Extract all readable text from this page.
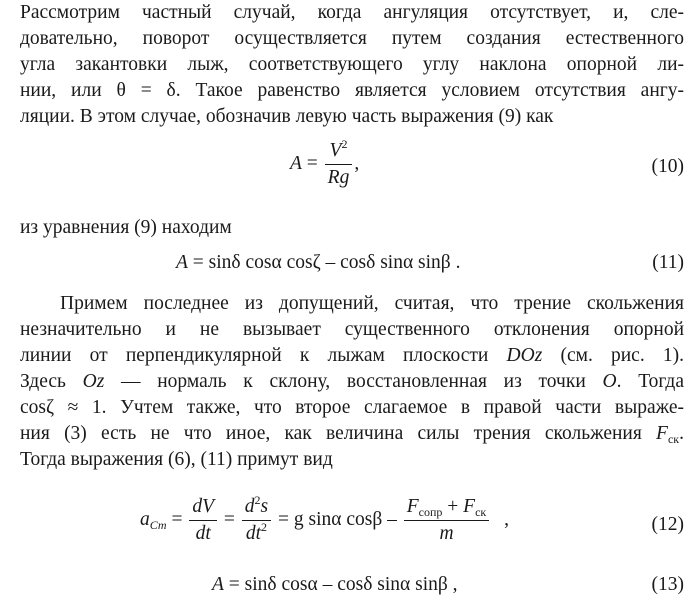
Рассмотрим частный случай, когда ангуляция отсутствует, и, сле-
довательно, поворот осуществляется путем создания естественного
угла закантовки лыж, соответствующего углу наклона опорной ли-
нии, или θ = δ. Такое равенство является условием отсутствия ангу-
ляции. В этом случае, обозначив левую часть выражения (9) как
$A = \frac{V^2}{Rg}$ ,	(10)
из уравнения (9) находим
A = sinδ cosα cosζ – cosδ sinα sinβ .	(11)
Примем последнее из допущений, считая, что трение скольжения
незначительно и не вызывает существенного отклонения опорной
линии от перпендикулярной к лыжам плоскости DOz (см. рис. 1).
Здесь Oz — нормаль к склону, восстановленная из точки O. Тогда
cosζ ≈ 1. Учтем также, что второе слагаемое в правой части выраже-
ния (3) есть не что иное, как величина силы трения скольжения $F_{ск}$.
Тогда выражения (6), (11) примут вид
$a_{Ст} = \frac{dV}{dt} = \frac{d^2s}{dt^2} = g$ sinα cosβ – $\frac{F_{сопр} + F_{ск}}{m}$ ,	(12)
A = sinδ cosα – cosδ sinα sinβ ,	(13)
